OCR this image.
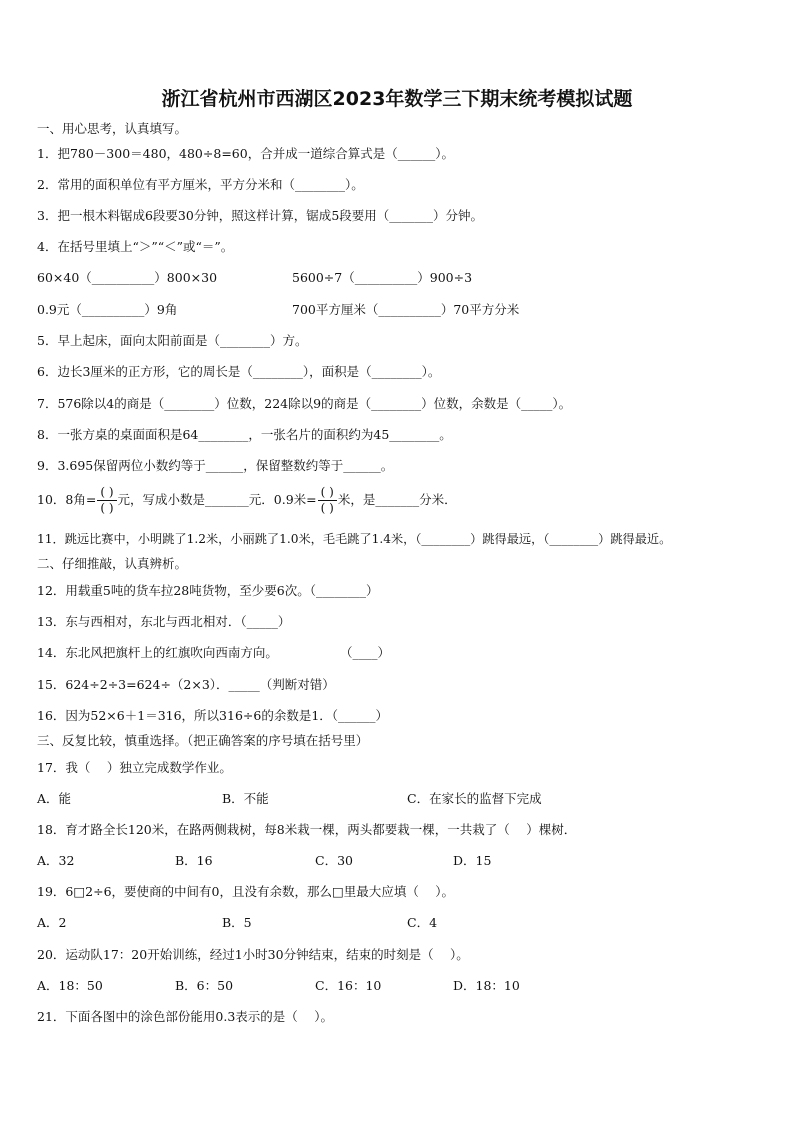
浙江省杭州市西湖区2023年数学三下期末统考模拟试题
一、用心思考，认真填写。
1．把780－300＝480，480÷8=60，合并成一道综合算式是（______）。
2．常用的面积单位有平方厘米，平方分米和（________）。
3．把一根木料锯成6段要30分钟，照这样计算，锯成5段要用（_______）分钟。
4．在括号里填上“＞”“＜”或“＝”。
60×40（__________）800×30	5600÷7（__________）900÷3
0.9元（__________）9角	700平方厘米（__________）70平方分米
5．早上起床，面向太阳前面是（________）方。
6．边长3厘米的正方形，它的周长是（________），面积是（________）。
7．576除以4的商是（________）位数，224除以9的商是（________）位数，余数是（_____）。
8．一张方桌的桌面面积是64________，一张名片的面积约为45________。
9．3.695保留两位小数约等于______，保留整数约等于______。
10．8角= $\frac{( )}{( )}$ 元，写成小数是_______元．0.9米= $\frac{( )}{( )}$ 米，是_______分米．
11．跳远比赛中，小明跳了1.2米，小丽跳了1.0米，毛毛跳了1.4米，（________）跳得最远，（________）跳得最近。
二、仔细推敲，认真辨析。
12．用载重5吨的货车拉28吨货物，至少要6次。（________）
13．东与西相对，东北与西北相对．（_____）
14．东北风把旗杆上的红旗吹向西南方向。	（____）
15．624÷2÷3=624÷（2×3）．_____（判断对错）
16．因为52×6＋1＝316，所以316÷6的余数是1．（______）
三、反复比较，慎重选择。（把正确答案的序号填在括号里）
17．我（　 ）独立完成数学作业。
A．能	B．不能	C．在家长的监督下完成
18．育才路全长120米，在路两侧栽树，每8米栽一棵，两头都要栽一棵，一共栽了（　 ）棵树．
A．32	B．16	C．30	D．15
19．6□2÷6，要使商的中间有0，且没有余数，那么□里最大应填（　 ）。
A．2	B．5	C．4
20．运动队17：20开始训练，经过1小时30分钟结束，结束的时刻是（　 ）。
A．18：50	B．6：50	C．16：10	D．18：10
21．下面各图中的涂色部份能用0.3表示的是（　 ）。
